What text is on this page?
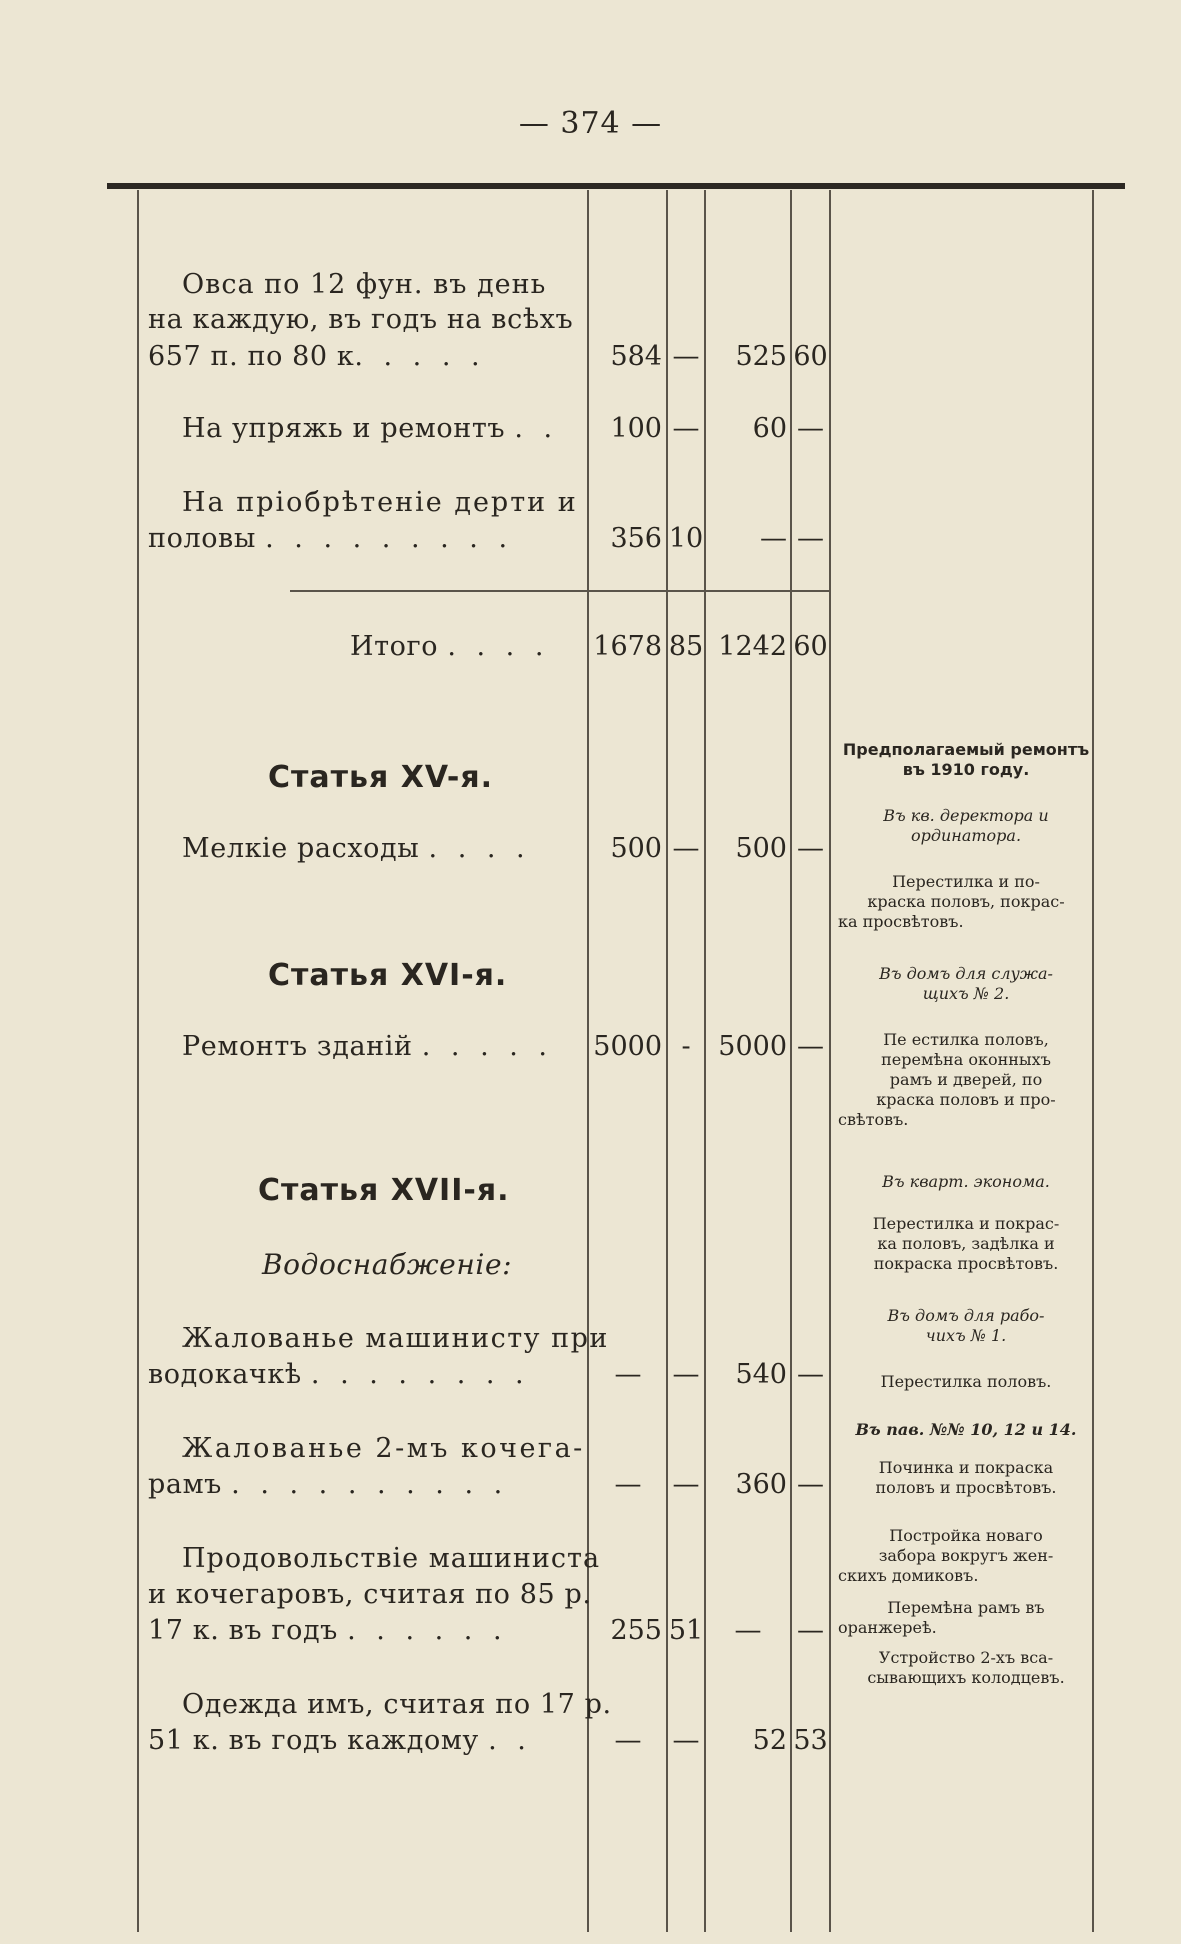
— 374 —
Овса по 12 фун. въ день
на каждую, въ годъ на всѣхъ
657 п. по 80 к. . . . .	584 —	525 60
На упряжь и ремонтъ . .	100 —	60 —
На пріобрѣтеніе дерти и
половы . . . . . . . . .	356 10	— —
Итого . . . . 1678 85 1242 60
Статья XV-я.
Мелкіе расходы . . . .	500 —	500 —
Статья XVI-я.
Ремонтъ зданій . . . . . 5000 -	5000 —
Статья XVII-я.
Водоснабженіе:
Жалованье машинисту при
водокачкѣ . . . . . . . .	—	—	540 —
Жалованье 2-мъ кочега-
рамъ . . . . . . . . . .	—	—	360 —
Продовольствіе машиниста
и кочегаровъ, считая по 85 р.
17 к. въ годъ . . . . . .	255 51	—	—
Одежда имъ, считая по 17 р.
51 к. въ годъ каждому . .	—	—	52 53
Предполагаемый ремонтъ
въ 1910 году.
Въ кв. деректора и
ординатора.
Перестилка и по-
краска половъ, покрас-
ка просвѣтовъ.
Въ домъ для служа-
щихъ № 2.
Пе естилка половъ,
перемѣна оконныхъ
рамъ и дверей, по
краска половъ и про-
свѣтовъ.
Въ кварт. эконома.
Перестилка и покрас-
ка половъ, задѣлка и
покраска просвѣтовъ.
Въ домъ для рабо-
чихъ № 1.
Перестилка половъ.
Въ пав. №№ 10, 12 и 14.
Починка и покраска
половъ и просвѣтовъ.
Постройка новаго
забора вокругъ жен-
скихъ домиковъ.
Перемѣна рамъ въ
оранжереѣ.
Устройство 2-хъ вса-
сывающихъ колодцевъ.
